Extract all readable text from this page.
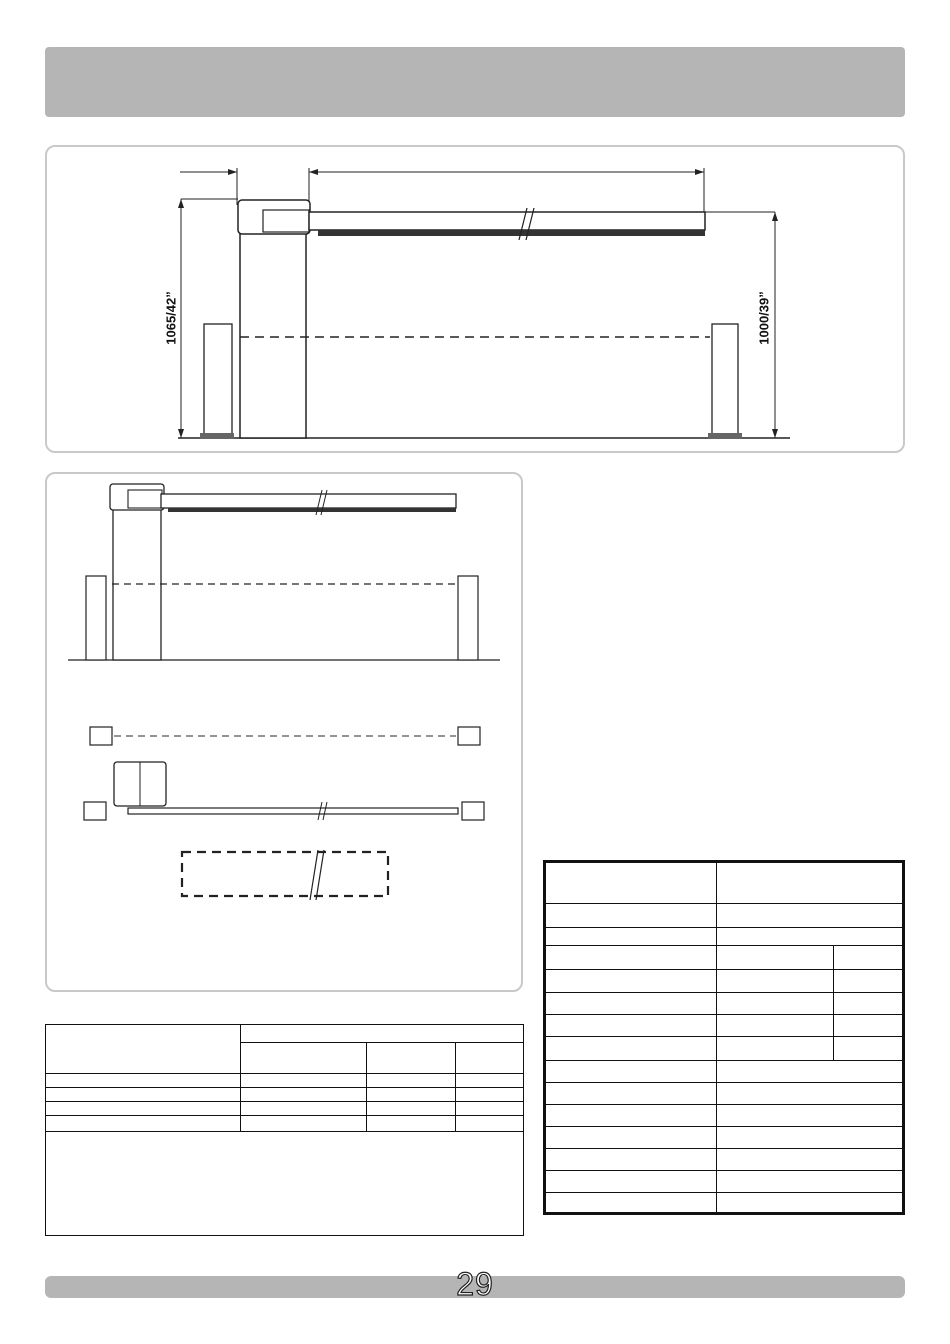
1065/42”	1000/39”

29
